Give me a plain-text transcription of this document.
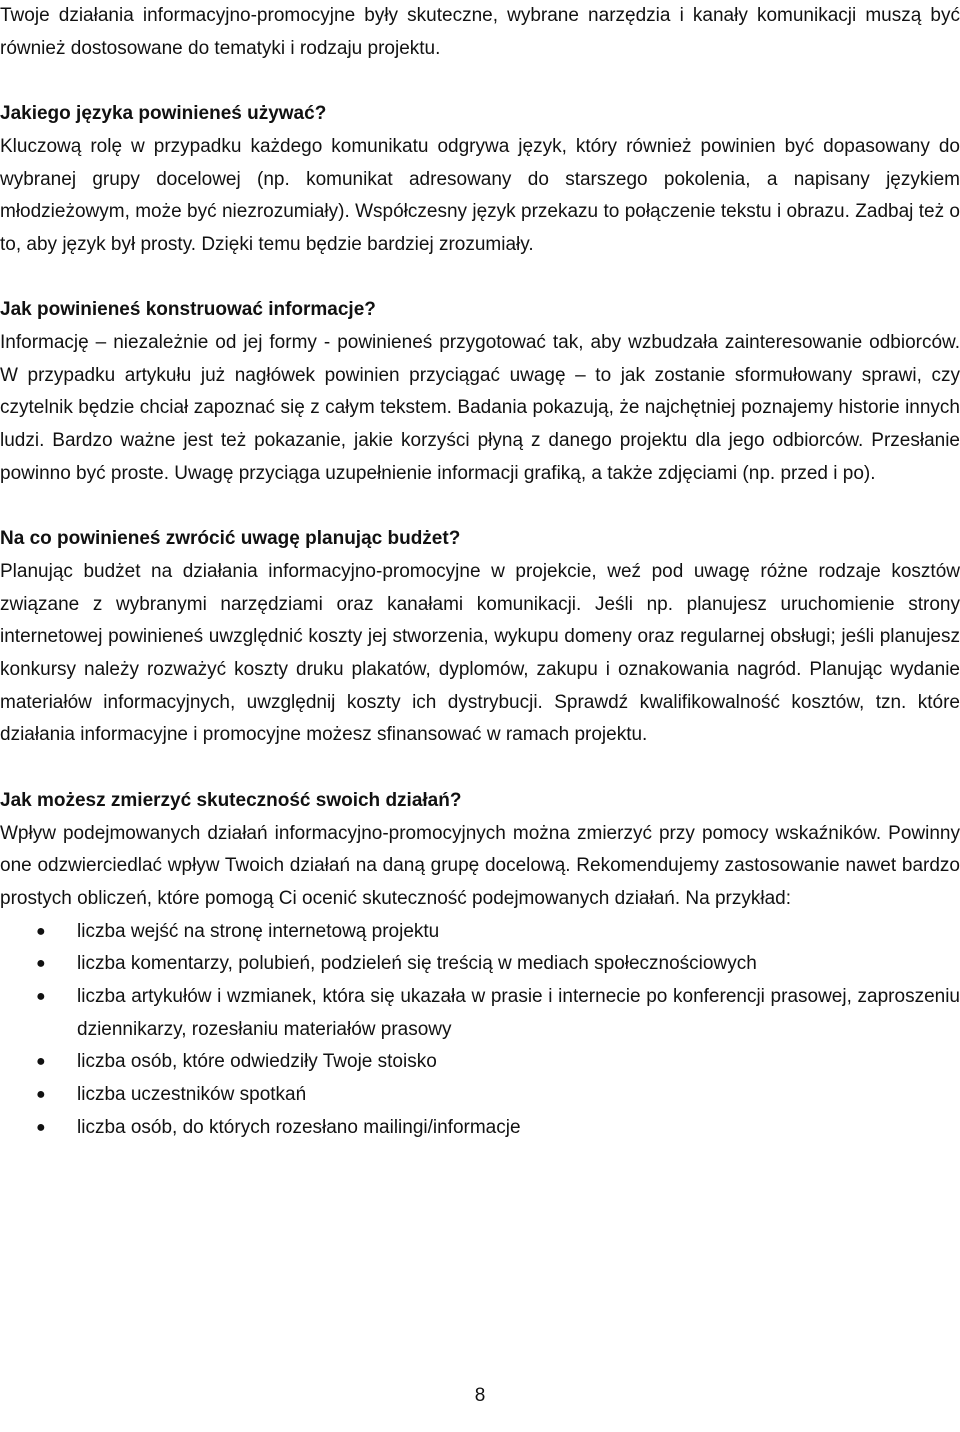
Twoje działania informacyjno-promocyjne były skuteczne, wybrane narzędzia i kanały komunikacji muszą być również dostosowane do tematyki i rodzaju projektu.

Jakiego języka powinieneś używać?

Kluczową rolę w przypadku każdego komunikatu odgrywa język, który również powinien być dopasowany do wybranej grupy docelowej (np. komunikat adresowany do starszego pokolenia, a napisany językiem młodzieżowym, może być niezrozumiały). Współczesny język przekazu to połączenie tekstu i obrazu. Zadbaj też o to, aby język był prosty. Dzięki temu będzie bardziej zrozumiały.

Jak powinieneś konstruować informacje?

Informację – niezależnie od jej formy - powinieneś przygotować tak, aby wzbudzała zainteresowanie odbiorców. W przypadku artykułu już nagłówek powinien przyciągać uwagę – to jak zostanie sformułowany sprawi, czy czytelnik będzie chciał zapoznać się z całym tekstem. Badania pokazują, że najchętniej poznajemy historie innych ludzi. Bardzo ważne jest też pokazanie, jakie korzyści płyną z danego projektu dla jego odbiorców. Przesłanie powinno być proste. Uwagę przyciąga uzupełnienie informacji grafiką, a także zdjęciami (np. przed i po).

Na co powinieneś zwrócić uwagę planując budżet?

Planując budżet na działania informacyjno-promocyjne w projekcie, weź pod uwagę różne rodzaje kosztów związane z wybranymi narzędziami oraz kanałami komunikacji. Jeśli np. planujesz uruchomienie strony internetowej powinieneś uwzględnić koszty jej stworzenia, wykupu domeny oraz regularnej obsługi; jeśli planujesz konkursy należy rozważyć koszty druku plakatów, dyplomów, zakupu i oznakowania nagród. Planując wydanie materiałów informacyjnych, uwzględnij koszty ich dystrybucji. Sprawdź kwalifikowalność kosztów, tzn. które działania informacyjne i promocyjne możesz sfinansować w ramach projektu.

Jak możesz zmierzyć skuteczność swoich działań?

Wpływ podejmowanych działań informacyjno-promocyjnych można zmierzyć przy pomocy wskaźników. Powinny one odzwierciedlać wpływ Twoich działań na daną grupę docelową. Rekomendujemy zastosowanie nawet bardzo prostych obliczeń, które pomogą Ci ocenić skuteczność podejmowanych działań. Na przykład:

● liczba wejść na stronę internetową projektu
● liczba komentarzy, polubień, podzieleń się treścią w mediach społecznościowych
● liczba artykułów i wzmianek, która się ukazała w prasie i internecie po konferencji prasowej, zaproszeniu dziennikarzy, rozesłaniu materiałów prasowy
● liczba osób, które odwiedziły Twoje stoisko
● liczba uczestników spotkań
● liczba osób, do których rozesłano mailingi/informacje
8
